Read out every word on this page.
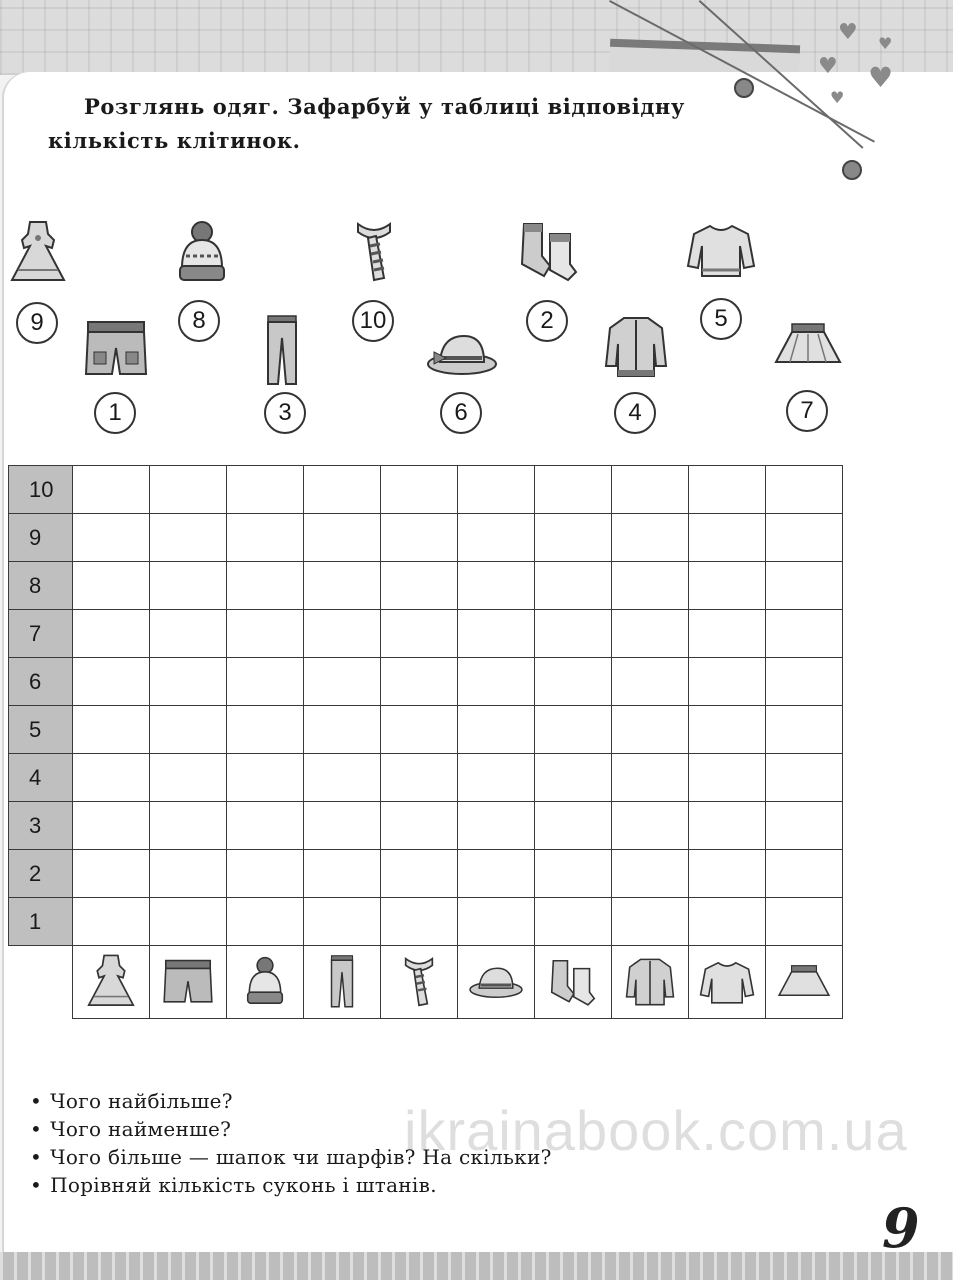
♥ ♥
♥ ♥
♥

Розглянь одяг. Зафарбуй у таблиці відповідну кількість клітинок.

9	8	10	2	5
1	3	6	4	7
10										
9										
8										
7										
6										
5										
4										
3										
2										
1										

• Чого найбільше?
• Чого найменше?
• Чого більше — шапок чи шарфів? На скільки?
• Порівняй кількість суконь і штанів.
ikrainabook.com.ua
9
